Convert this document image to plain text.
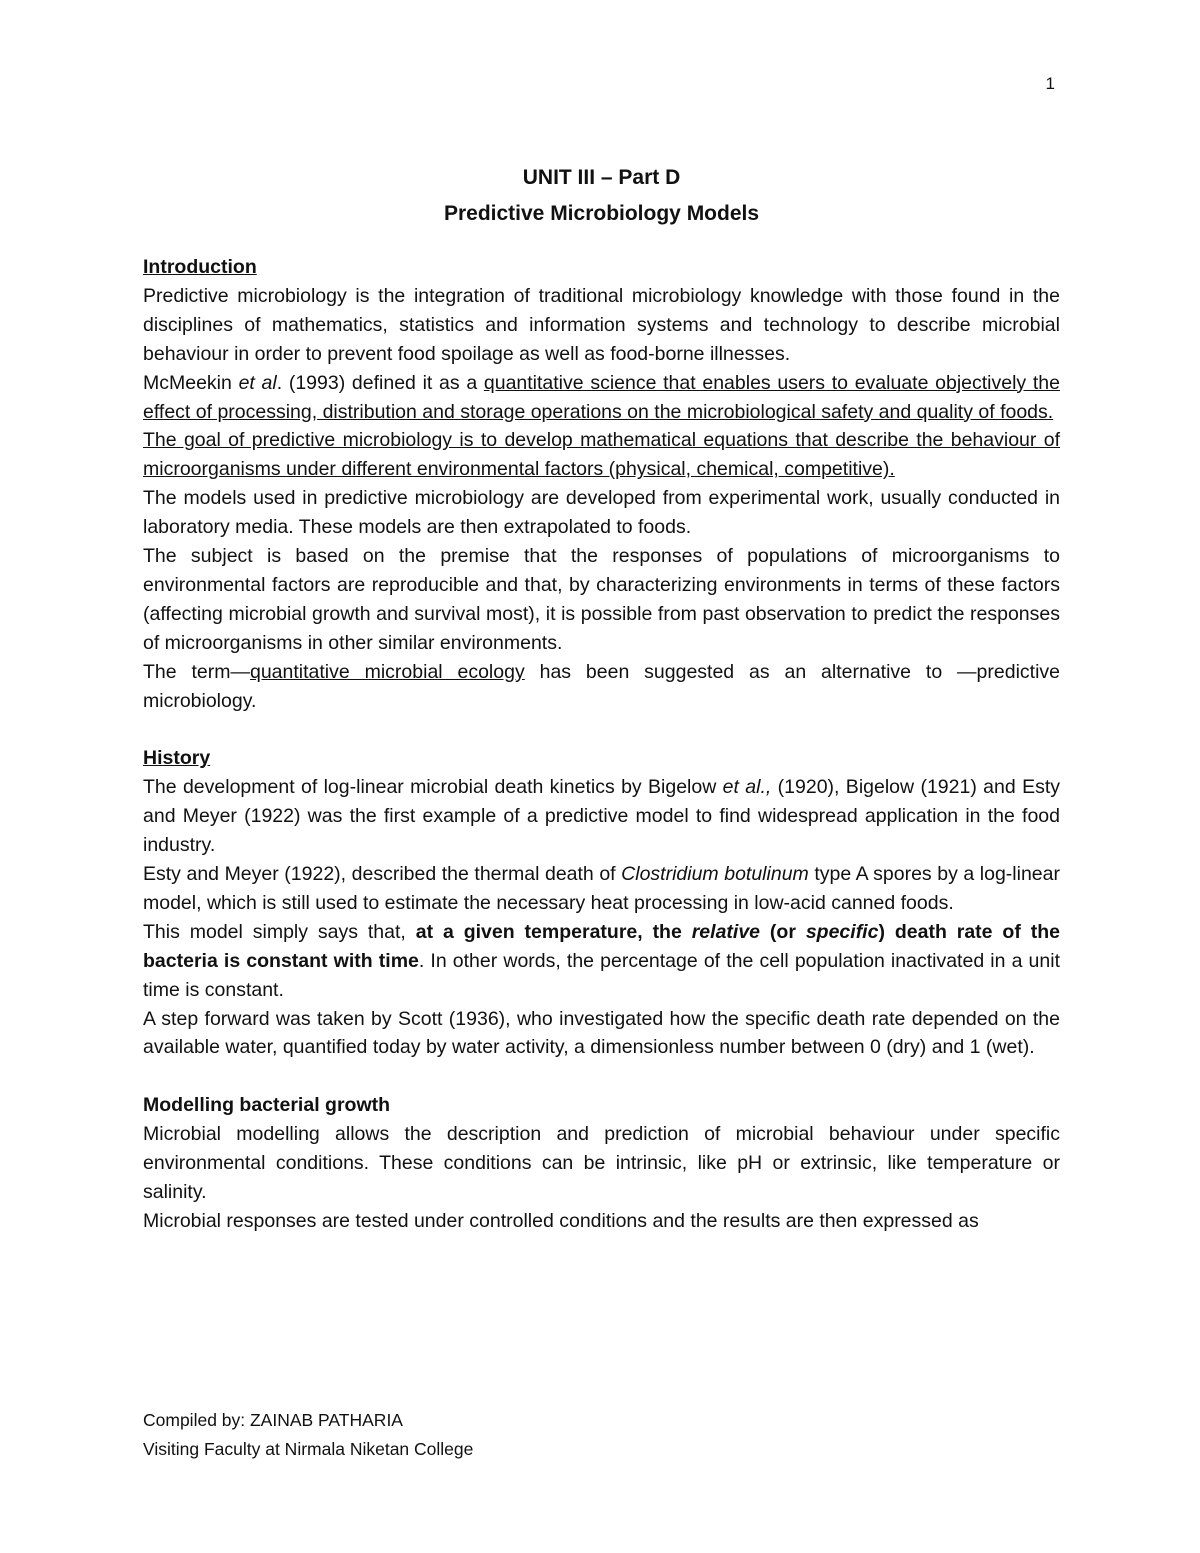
1
UNIT III – Part D
Predictive Microbiology Models
Introduction

Predictive microbiology is the integration of traditional microbiology knowledge with those found in the disciplines of mathematics, statistics and information systems and technology to describe microbial behaviour in order to prevent food spoilage as well as food-borne illnesses.

McMeekin et al. (1993) defined it as a quantitative science that enables users to evaluate objectively the effect of processing, distribution and storage operations on the microbiological safety and quality of foods.

The goal of predictive microbiology is to develop mathematical equations that describe the behaviour of microorganisms under different environmental factors (physical, chemical, competitive).

The models used in predictive microbiology are developed from experimental work, usually conducted in laboratory media. These models are then extrapolated to foods.

The subject is based on the premise that the responses of populations of microorganisms to environmental factors are reproducible and that, by characterizing environments in terms of these factors (affecting microbial growth and survival most), it is possible from past observation to predict the responses of microorganisms in other similar environments.

The term—quantitative microbial ecology has been suggested as an alternative to —predictive microbiology.

History

The development of log-linear microbial death kinetics by Bigelow et al., (1920), Bigelow (1921) and Esty and Meyer (1922) was the first example of a predictive model to find widespread application in the food industry.

Esty and Meyer (1922), described the thermal death of Clostridium botulinum type A spores by a log-linear model, which is still used to estimate the necessary heat processing in low-acid canned foods.

This model simply says that, at a given temperature, the relative (or specific) death rate of the bacteria is constant with time. In other words, the percentage of the cell population inactivated in a unit time is constant.

A step forward was taken by Scott (1936), who investigated how the specific death rate depended on the available water, quantified today by water activity, a dimensionless number between 0 (dry) and 1 (wet).

Modelling bacterial growth

Microbial modelling allows the description and prediction of microbial behaviour under specific environmental conditions. These conditions can be intrinsic, like pH or extrinsic, like temperature or salinity.

Microbial responses are tested under controlled conditions and the results are then expressed as

Compiled by: ZAINAB PATHARIA
Visiting Faculty at Nirmala Niketan College
